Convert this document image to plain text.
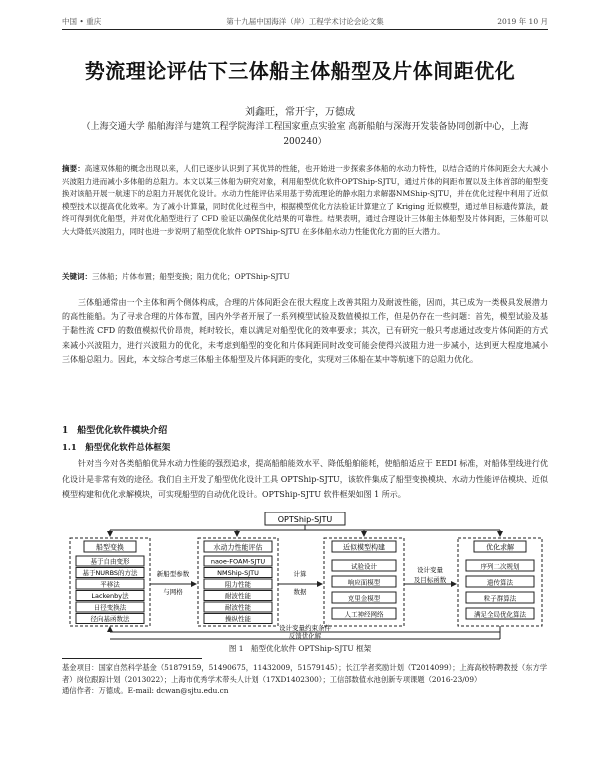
中国 • 重庆	第十九届中国海洋（岸）工程学术讨论会论文集	2019 年 10 月
势流理论评估下三体船主体船型及片体间距优化
刘鑫旺，常开宇，万德成
（上海交通大学 船舶海洋与建筑工程学院海洋工程国家重点实验室 高新船舶与深海开发装备协同创新中心，上海 200240）
摘要：高速双体船的概念出现以来，人们已逐步认识到了其优异的性能，也开始进一步探索多体船的水动力特性，以结合适的片体间距会大大减小兴波阻力进而减小多体船的总阻力。本文以某三体船为研究对象，利用船型优化软件OPTShip-SJTU，通过片体的间距布置以及主体首部的船型变换对该船开展一航速下的总阻力开展优化设计。水动力性能评估采用基于势流理论的静水阻力求解器NMShip-SJTU，并在优化过程中利用了近似模型技术以提高优化效率。为了减小计算量，同时优化过程当中，根据模型优化方法验证计算建立了 Kriging 近似模型，通过单目标遗传算法，最终可得到优化船型，并对优化船型进行了 CFD 验证以确保优化结果的可靠性。结果表明，通过合理设计三体船主体船型及片体间距，三体船可以大大降低兴波阻力，同时也进一步说明了船型优化软件 OPTShip-SJTU 在多体船水动力性能优化方面的巨大潜力。
关键词：三体船；片体布置；船型变换；阻力优化；OPTShip-SJTU
三体船通常由一个主体和两个侧体构成，合理的片体间距会在很大程度上改善其阻力及耐波性能，因而，其已成为一类极具发展潜力的高性能船。为了寻求合理的片体布置，国内外学者开展了一系列模型试验及数值模拟工作，但是仍存在一些问题：首先，模型试验及基于黏性流 CFD 的数值模拟代价昂贵，耗时较长，难以满足对船型优化的效率要求；其次，已有研究一般只考虑通过改变片体间距的方式来减小兴波阻力，进行兴波阻力的优化，未考虑到船型的变化和片体间距同时改变可能会使得兴波阻力进一步减小，达到更大程度地减小三体船总阻力。因此，本文综合考虑三体船主体船型及片体间距的变化，实现对三体船在某中等航速下的总阻力优化。
1　船型优化软件模块介绍
1.1　船型优化软件总体框架
针对当今对各类船舶优异水动力性能的强烈追求，提高船舶能效水平、降低船舶能耗，使船舶适应于 EEDI 标准，对船体型线进行优化设计是非常有效的途径。我们自主开发了船型优化设计工具 OPTShip-SJTU，该软件集成了船型变换模块、水动力性能评估模块、近似模型构建和优化求解模块，可实现船型的自动优化设计。OPTShip-SJTU 软件框架如图 1 所示。
OPTShip-SJTU
船型变换	水动力性能评估	近似模型构建	优化求解
基于自由变形
基于NURBS的方法
平移法
Lackenby法
日径变换法
径向基函数法
naoe-FOAM-SJTU
NMShip-SJTU
阻力性能
耐波性能
耐波性能
操纵性能
试验设计
响应面模型
克里金模型
人工神经网络
序列二次规划
遗传算法
粒子群算法
满足全局优化算法
新船型参数
与网格
计算
数据
设计变量
及目标函数
设计变量约束条件
反馈优化解
图 1　船型优化软件 OPTShip-SJTU 框架
基金项目：国家自然科学基金（51879159，51490675，11432009，51579145）；长江学者奖励计划（T2014099）；上海高校特聘教授（东方学者）岗位跟踪计划（2013022）；上海市优秀学术带头人计划（17XD1402300）；工信部数值水池创新专项课题（2016-23/09）
通信作者：万德成。E-mail: dcwan@sjtu.edu.cn
